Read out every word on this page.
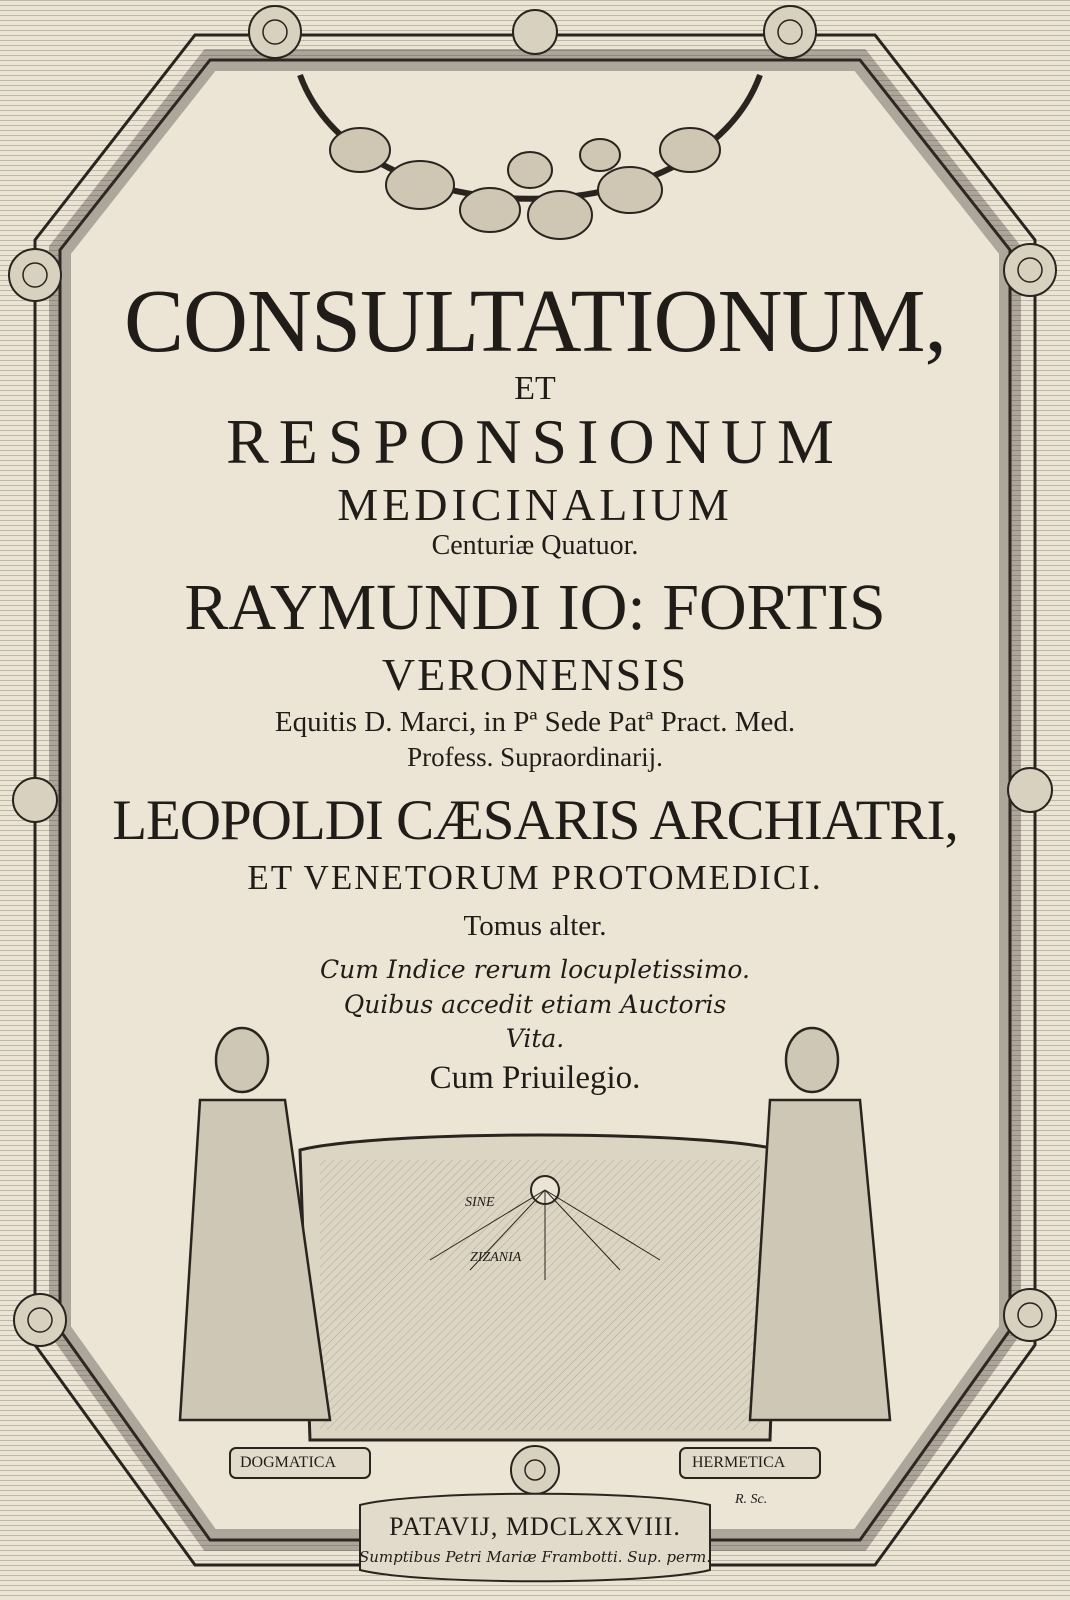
CONSULTATIONUM,
ET
RESPONSIONUM
MEDICINALIUM
Centuriæ Quatuor.
RAYMUNDI IO: FORTIS
VERONENSIS
Equitis D. Marci, in Pª Sede Patª Pract. Med.
Profess. Supraordinarij.
LEOPOLDI CÆSARIS ARCHIATRI,
ET VENETORUM PROTOMEDICI.
Tomus alter.
Cum Indice rerum locupletissimo.
Quibus accedit etiam Auctoris
Vita.
Cum Priuilegio.
SINE
ZIZANIA
DOGMATICA	HERMETICA
R. Sc.
PATAVIJ, MDCLXXVIII.
Sumptibus Petri Mariæ Frambotti. Sup. perm.
